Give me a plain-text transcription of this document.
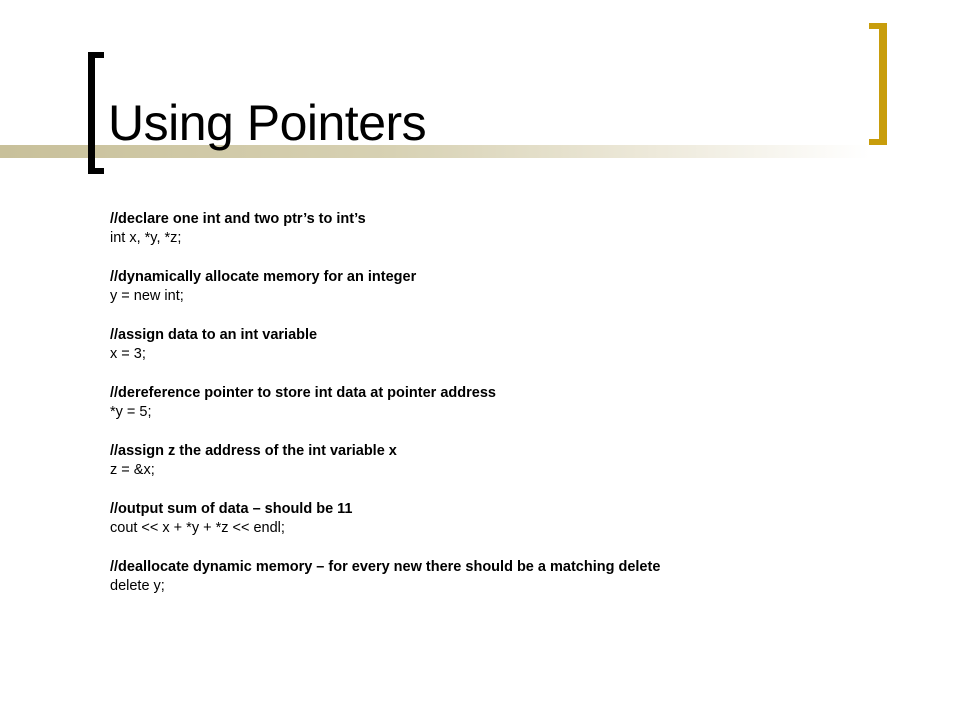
Using Pointers
//declare one int and two ptr’s to int’s
int x, *y, *z;
//dynamically allocate memory for an integer
y = new int;
//assign data to an int variable
x = 3;
//dereference pointer to store int data at pointer address
*y = 5;
//assign z the address of the int variable x
z = &x;
//output sum of data – should be 11
cout << x + *y + *z << endl;
//deallocate dynamic memory – for every new there should be a matching delete
delete y;
